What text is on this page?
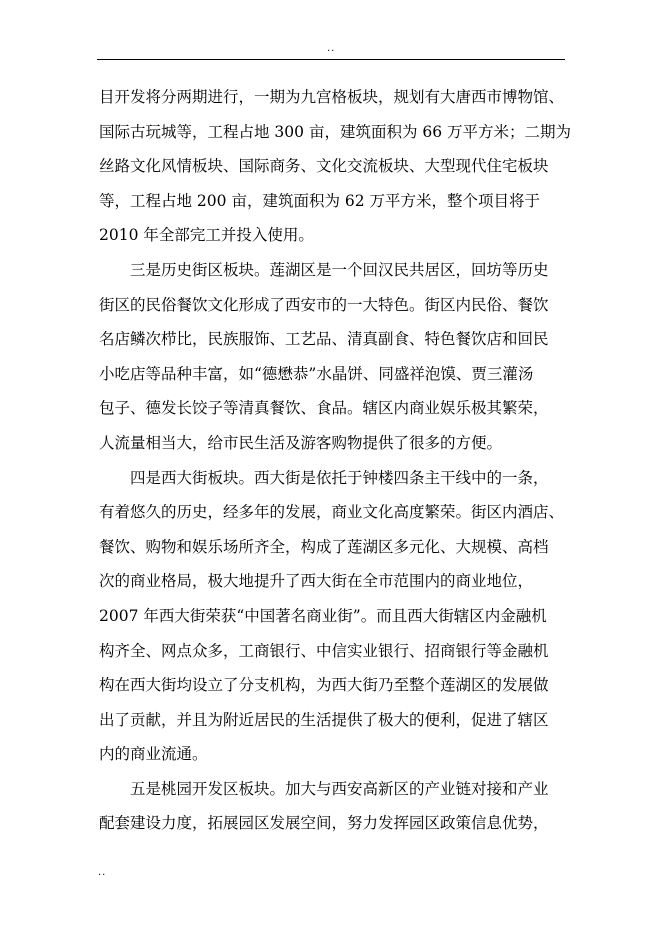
..
目开发将分两期进行，一期为九宫格板块，规划有大唐西市博物馆、
国际古玩城等，工程占地 300 亩，建筑面积为 66 万平方米；二期为
丝路文化风情板块、国际商务、文化交流板块、大型现代住宅板块
等，工程占地 200 亩，建筑面积为 62 万平方米，整个项目将于
2010 年全部完工并投入使用。
三是历史街区板块。莲湖区是一个回汉民共居区，回坊等历史
街区的民俗餐饮文化形成了西安市的一大特色。街区内民俗、餐饮
名店鳞次栉比，民族服饰、工艺品、清真副食、特色餐饮店和回民
小吃店等品种丰富，如“德懋恭”水晶饼、同盛祥泡馍、贾三灌汤
包子、德发长饺子等清真餐饮、食品。辖区内商业娱乐极其繁荣，
人流量相当大，给市民生活及游客购物提供了很多的方便。
四是西大街板块。西大街是依托于钟楼四条主干线中的一条，
有着悠久的历史，经多年的发展，商业文化高度繁荣。街区内酒店、
餐饮、购物和娱乐场所齐全，构成了莲湖区多元化、大规模、高档
次的商业格局，极大地提升了西大街在全市范围内的商业地位，
2007 年西大街荣获“中国著名商业街”。而且西大街辖区内金融机
构齐全、网点众多，工商银行、中信实业银行、招商银行等金融机
构在西大街均设立了分支机构，为西大街乃至整个莲湖区的发展做
出了贡献，并且为附近居民的生活提供了极大的便利，促进了辖区
内的商业流通。
五是桃园开发区板块。加大与西安高新区的产业链对接和产业
配套建设力度，拓展园区发展空间，努力发挥园区政策信息优势，
..
